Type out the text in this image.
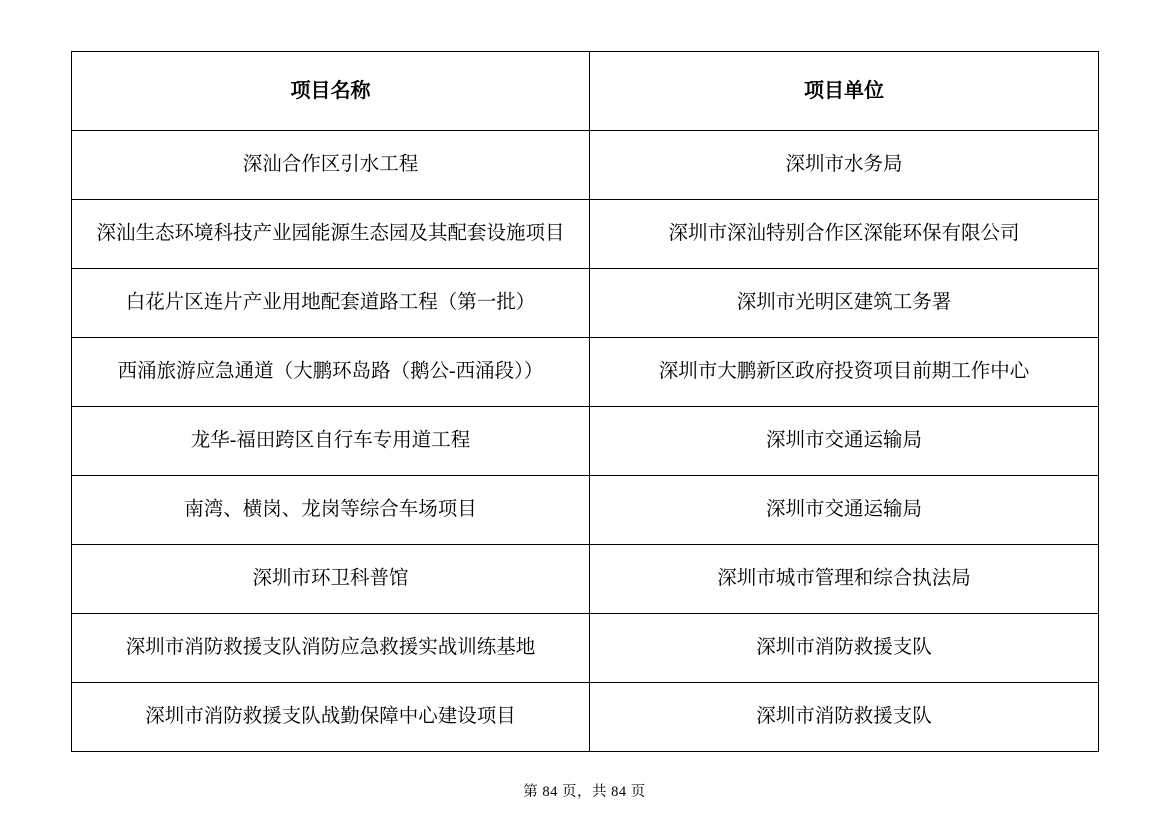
项目名称	项目单位
深汕合作区引水工程	深圳市水务局
深汕生态环境科技产业园能源生态园及其配套设施项目	深圳市深汕特别合作区深能环保有限公司
白花片区连片产业用地配套道路工程（第一批）	深圳市光明区建筑工务署
西涌旅游应急通道（大鹏环岛路（鹅公-西涌段））	深圳市大鹏新区政府投资项目前期工作中心
龙华-福田跨区自行车专用道工程	深圳市交通运输局
南湾、横岗、龙岗等综合车场项目	深圳市交通运输局
深圳市环卫科普馆	深圳市城市管理和综合执法局
深圳市消防救援支队消防应急救援实战训练基地	深圳市消防救援支队
深圳市消防救援支队战勤保障中心建设项目	深圳市消防救援支队
第 84 页，共 84 页
